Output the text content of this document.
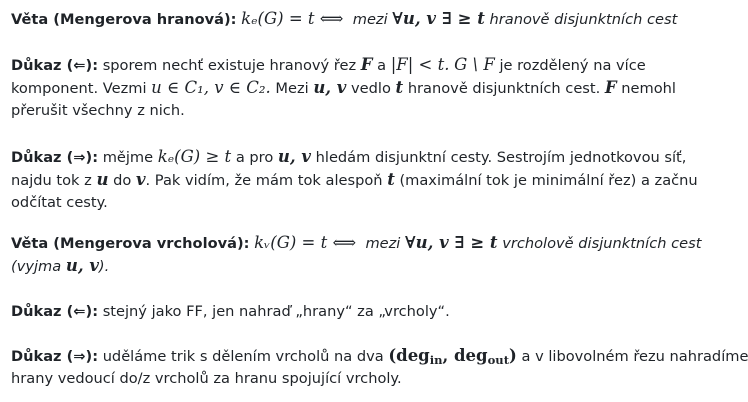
Věta (Mengerova hranová): kₑ(G) = t ⟺ mezi ∀u, v ∃ ≥ t hranově disjunktních cest
Důkaz (⇐): sporem nechť existuje hranový řez F a |F| < t. G \ F je rozdělený na více
komponent. Vezmi u ∈ C₁, v ∈ C₂. Mezi u, v vedlo t hranově disjunktních cest. F nemohl
přerušit všechny z nich.
Důkaz (⇒): mějme kₑ(G) ≥ t a pro u, v hledám disjunktní cesty. Sestrojím jednotkovou síť,
najdu tok z u do v. Pak vidím, že mám tok alespoň t (maximální tok je minimální řez) a začnu
odčítat cesty.
Věta (Mengerova vrcholová): kᵥ(G) = t ⟺ mezi ∀u, v ∃ ≥ t vrcholově disjunktních cest
(vyjma u, v).
Důkaz (⇐): stejný jako FF, jen nahraď „hrany“ za „vrcholy“.
Důkaz (⇒): uděláme trik s dělením vrcholů na dva (deg$_{in}$, deg$_{out}$) a v libovolném řezu nahradíme
hrany vedoucí do/z vrcholů za hranu spojující vrcholy.
